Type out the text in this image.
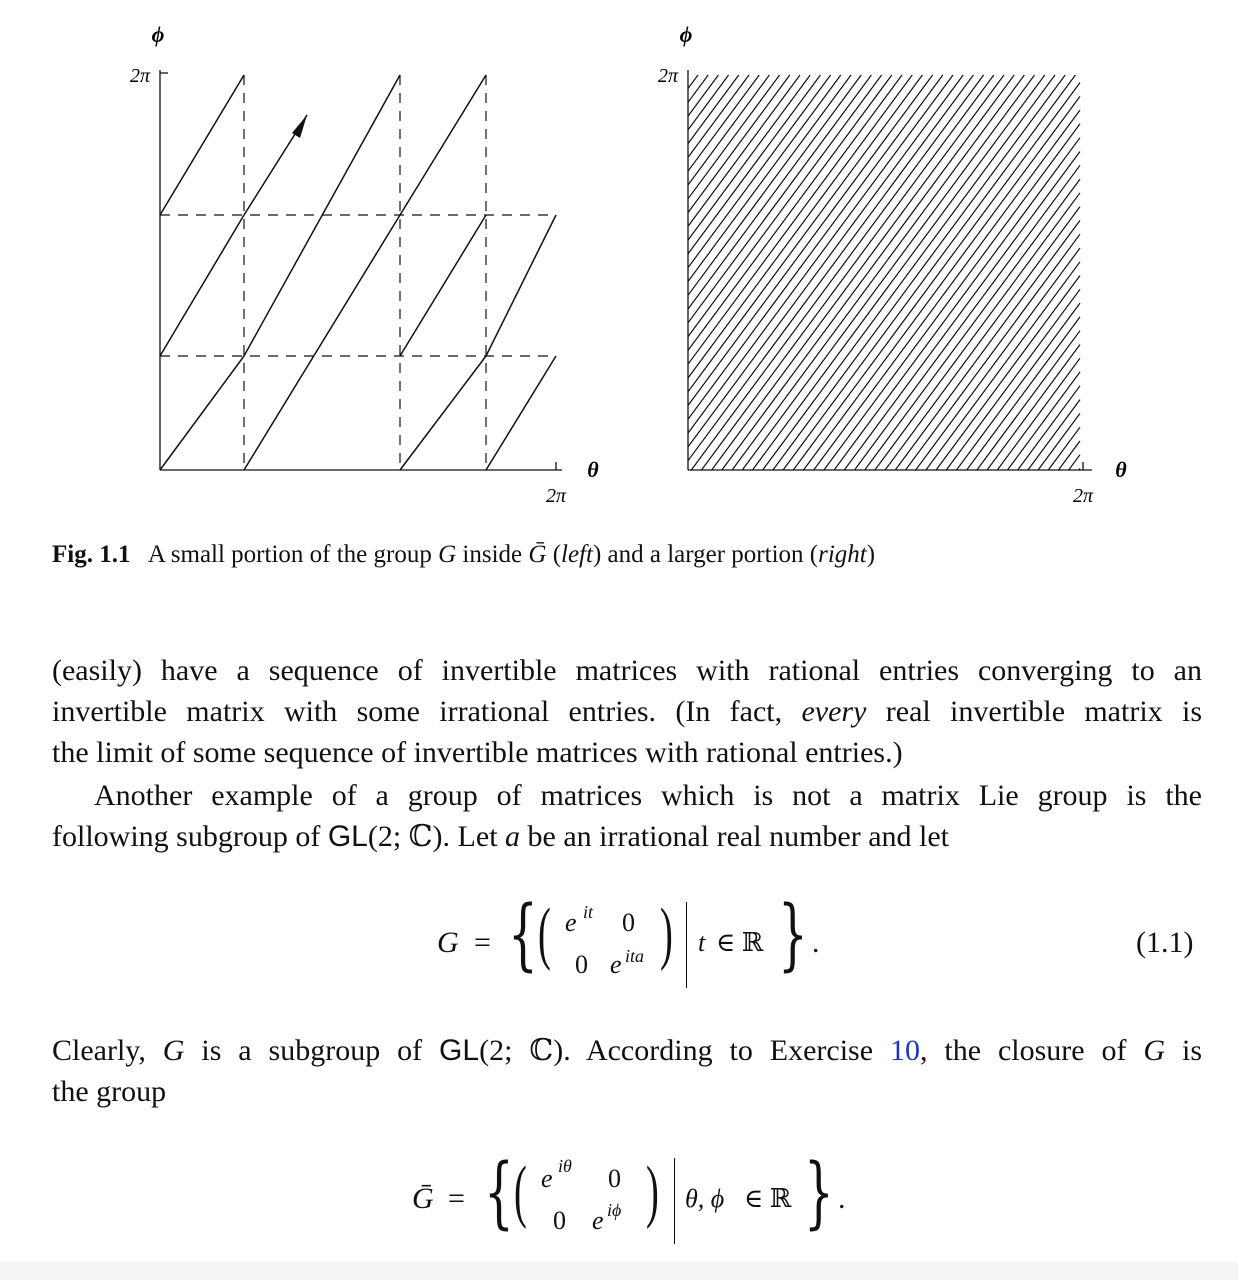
ϕ
2π
θ
2π
ϕ
2π
θ
2π
Fig. 1.1 A small portion of the group G inside Ḡ (left) and a larger portion (right)
(easily) have a sequence of invertible matrices with rational entries converging to an
invertible matrix with some irrational entries. (In fact, every real invertible matrix is
the limit of some sequence of invertible matrices with rational entries.)
Another example of a group of matrices which is not a matrix Lie group is the
following subgroup of GL(2; ℂ). Let a be an irrational real number and let
G = { ( e it 0
0 e ita ) t ∈ ℝ } .	(1.1)
Clearly, G is a subgroup of GL(2; ℂ). According to Exercise 10, the closure of G is
the group
Ḡ = { ( e iθ 0
0 e iϕ ) θ, ϕ ∈ ℝ } .
